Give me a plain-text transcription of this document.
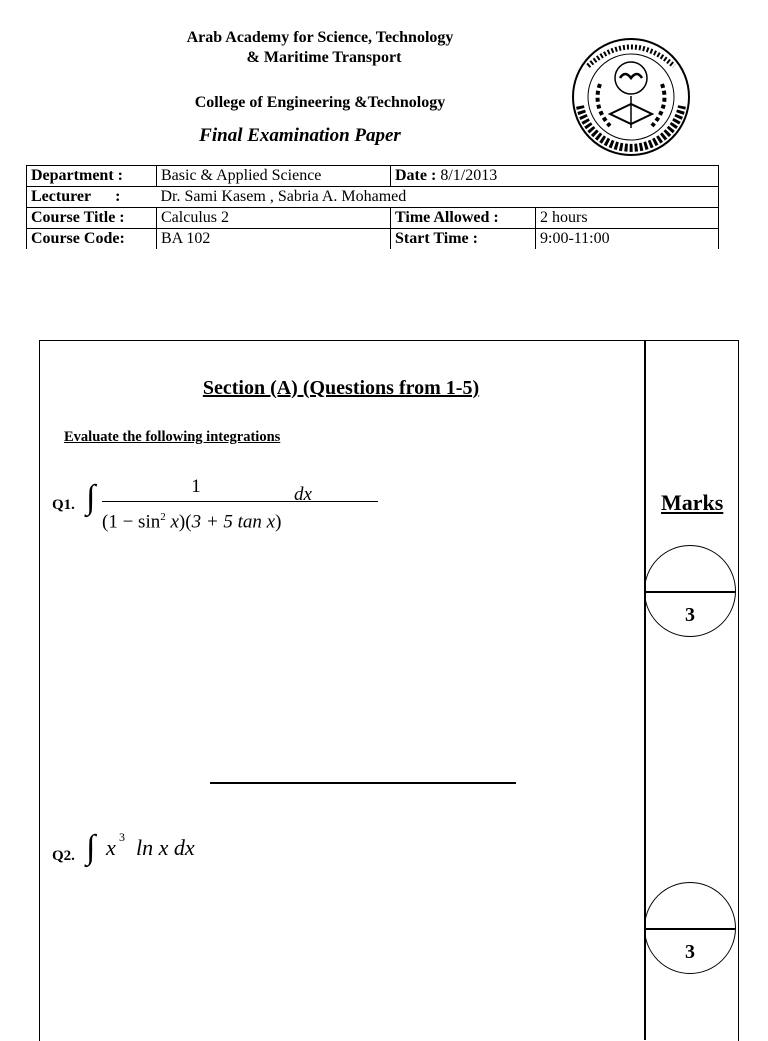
Arab Academy for Science, Technology
& Maritime Transport
College of Engineering &Technology
Final Examination Paper
Department :	Basic & Applied Science	Date : 8/1/2013	
Lecturer :	Dr. Sami Kasem , Sabria A. Mohamed		
Course Title :	Calculus 2	Time Allowed :	2 hours
Course Code:	BA 102	Start Time :	9:00-11:00
Section (A) (Questions from 1-5)
Evaluate the following integrations
Marks
Q1. ∫	1
$(1 - \sin^2 x)(3 + 5$ tan x)
dx
3
Q2. ∫ x 3 ln x dx
3
